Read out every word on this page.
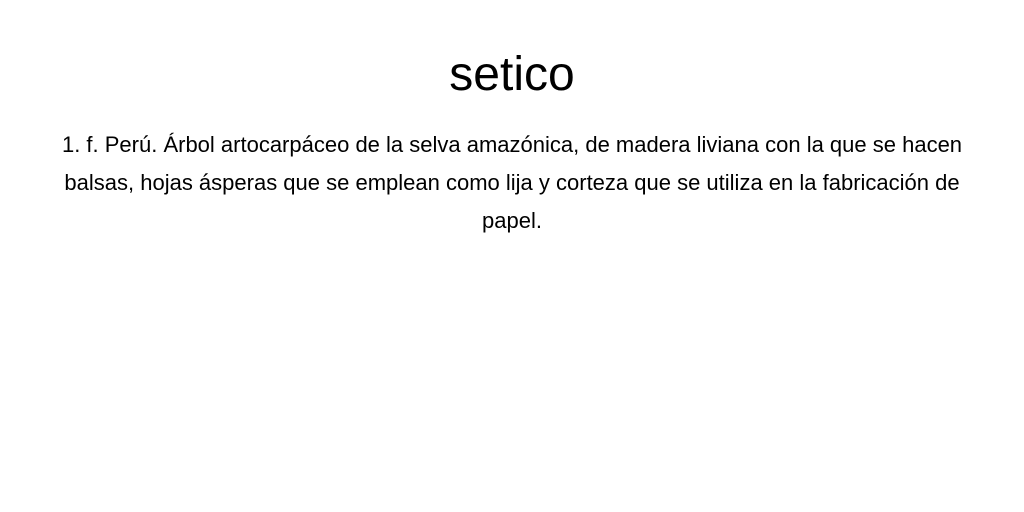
setico

1. f. Perú. Árbol artocarpáceo de la selva amazónica, de madera liviana con la que se hacen balsas, hojas ásperas que se emplean como lija y corteza que se utiliza en la fabricación de papel.
